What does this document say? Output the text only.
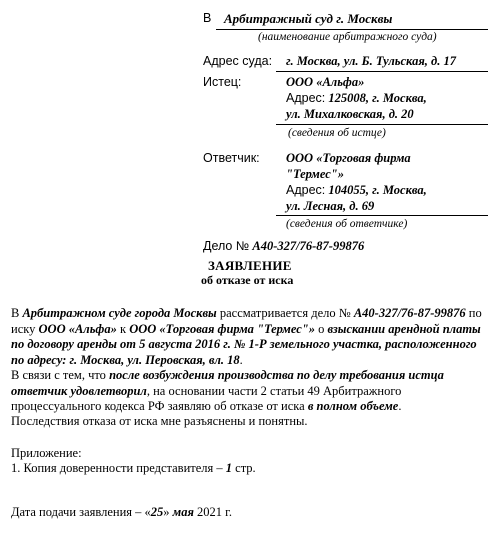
В Арбитражный суд г. Москвы
(наименование арбитражного суда)
Адрес суда: г. Москва, ул. Б. Тульская, д. 17
Истец:	ООО «Альфа»
Адрес: 125008, г. Москва,
ул. Михалковская, д. 20
(сведения об истце)
Ответчик: ООО «Торговая фирма
"Термес"»
Адрес: 104055, г. Москва,
ул. Лесная, д. 69
(сведения об ответчике)
Дело № А40-327/76-87-99876
ЗАЯВЛЕНИЕ
об отказе от иска
В Арбитражном суде города Москвы рассматривается дело № А40-327/76-87-99876 по иску ООО «Альфа» к ООО «Торговая фирма "Термес"» о взыскании арендной платы по договору аренды от 5 августа 2016 г. № 1-Р земельного участка, расположенного по адресу: г. Москва, ул. Перовская, вл. 18.
В связи с тем, что после возбуждения производства по делу требования истца ответчик удовлетворил, на основании части 2 статьи 49 Арбитражного процессуального кодекса РФ заявляю об отказе от иска в полном объеме.
Последствия отказа от иска мне разъяснены и понятны.
Приложение:
1. Копия доверенности представителя – 1 стр.
Дата подачи заявления – «25» мая 2021 г.
